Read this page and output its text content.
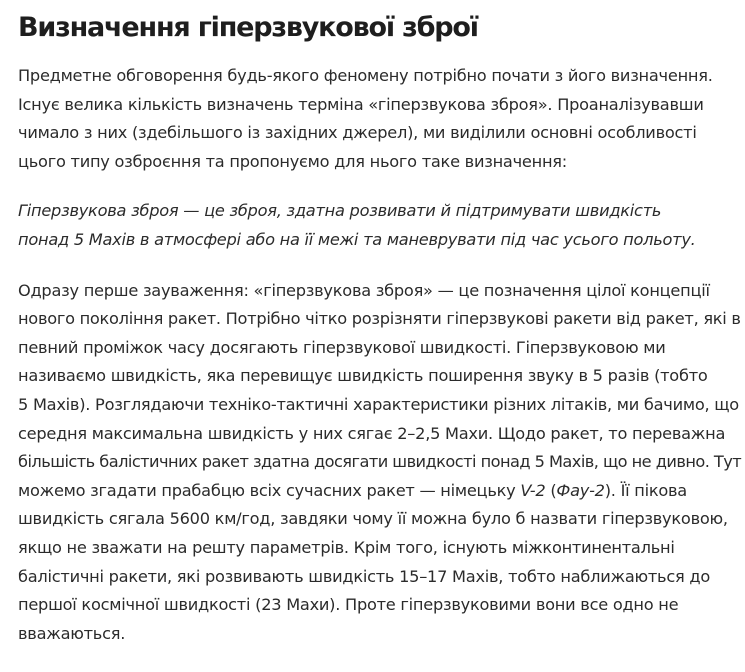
Визначення гіперзвукової зброї

Предметне обговорення будь-якого феномену потрібно почати з його визначення.
Існує велика кількість визначень терміна «гіперзвукова зброя». Проаналізувавши
чимало з них (здебільшого із західних джерел), ми виділили основні особливості
цього типу озброєння та пропонуємо для нього таке визначення:

Гіперзвукова зброя — це зброя, здатна розвивати й підтримувати швидкість
понад 5 Махів в атмосфері або на її межі та маневрувати під час усього польоту.

Одразу перше зауваження: «гіперзвукова зброя» — це позначення цілої концепції
нового покоління ракет. Потрібно чітко розрізняти гіперзвукові ракети від ракет, які в
певний проміжок часу досягають гіперзвукової швидкості. Гіперзвуковою ми
називаємо швидкість, яка перевищує швидкість поширення звуку в 5 разів (тобто
5 Махів). Розглядаючи техніко-тактичні характеристики різних літаків, ми бачимо, що
середня максимальна швидкість у них сягає 2–2,5 Махи. Щодо ракет, то переважна
більшість балістичних ракет здатна досягати швидкості понад 5 Махів, що не дивно. Тут
можемо згадати прабабцю всіх сучасних ракет — німецьку V-2 (Фау-2). Її пікова
швидкість сягала 5600 км/год, завдяки чому її можна було б назвати гіперзвуковою,
якщо не зважати на решту параметрів. Крім того, існують міжконтинентальні
балістичні ракети, які розвивають швидкість 15–17 Махів, тобто наближаються до
першої космічної швидкості (23 Махи). Проте гіперзвуковими вони все одно не
вважаються.
